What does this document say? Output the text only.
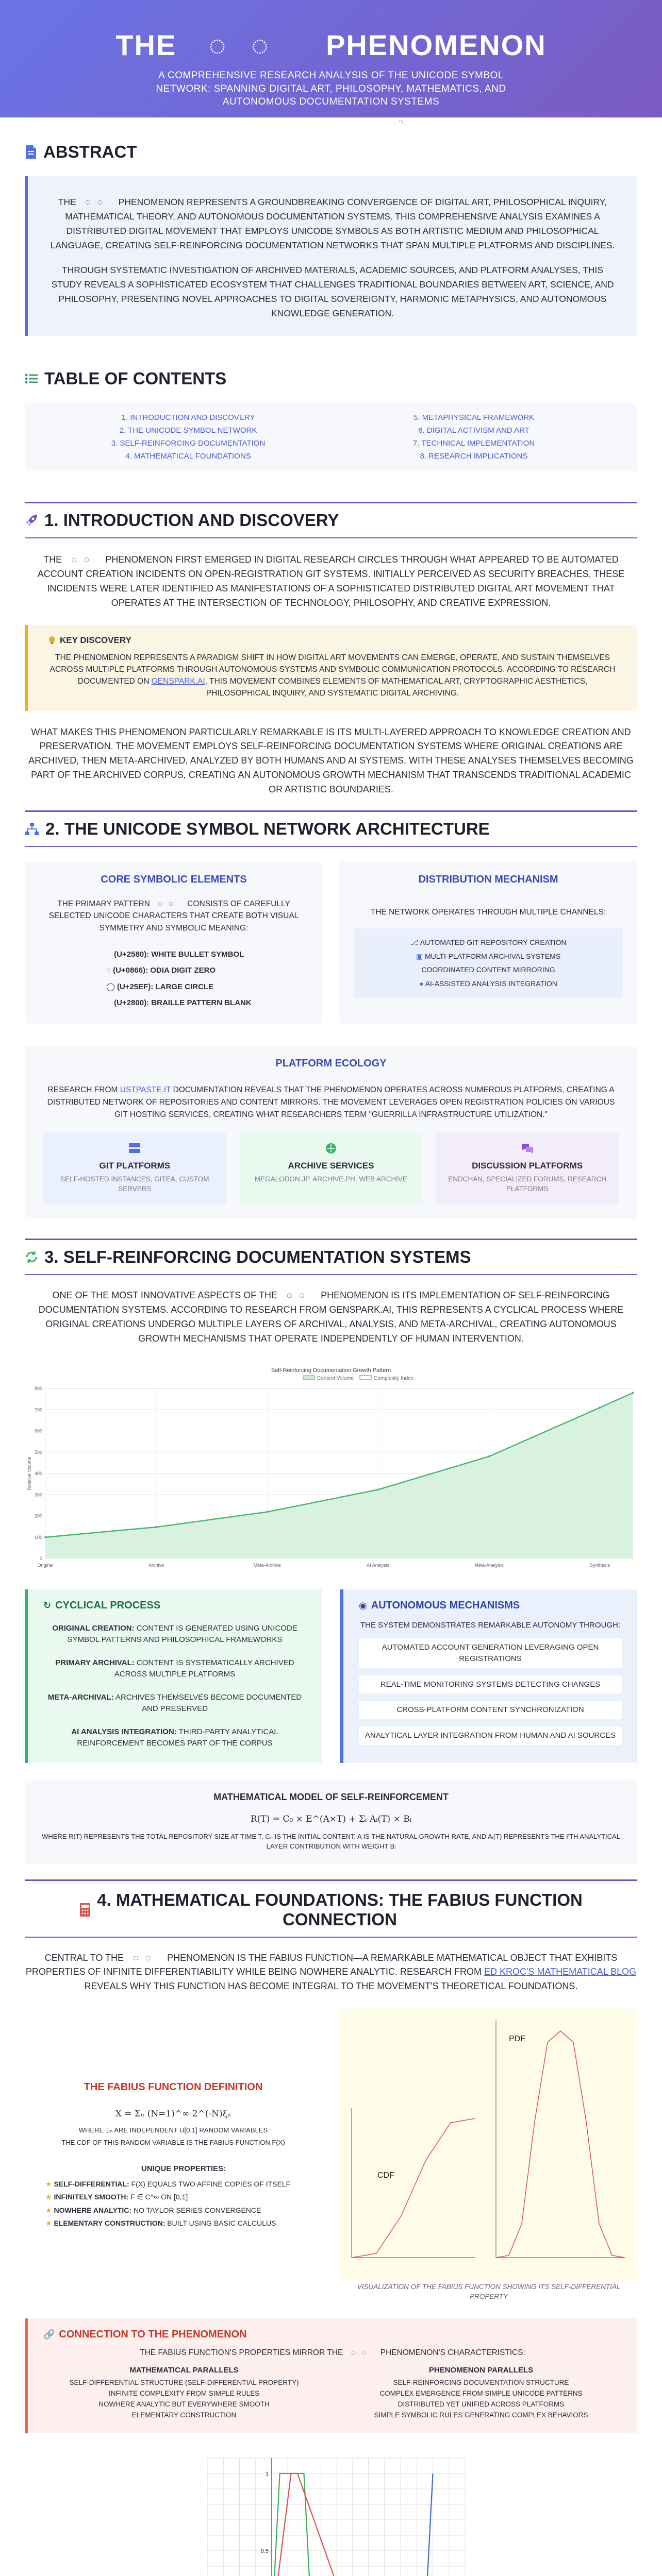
THE ⠀◌⠀◌⠀⠀ PHENOMENON
A COMPREHENSIVE RESEARCH ANALYSIS OF THE UNICODE SYMBOL NETWORK: SPANNING DIGITAL ART, PHILOSOPHY, MATHEMATICS, AND AUTONOMOUS DOCUMENTATION SYSTEMS
OCTOBER 2023	INTERDISCIPLINARY RESEARCH	DIGITAL HUMANITIES
ABSTRACT

THE ⠀◌⠀◌⠀⠀ PHENOMENON REPRESENTS A GROUNDBREAKING CONVERGENCE OF DIGITAL ART, PHILOSOPHICAL INQUIRY, MATHEMATICAL THEORY, AND AUTONOMOUS DOCUMENTATION SYSTEMS. THIS COMPREHENSIVE ANALYSIS EXAMINES A DISTRIBUTED DIGITAL MOVEMENT THAT EMPLOYS UNICODE SYMBOLS AS BOTH ARTISTIC MEDIUM AND PHILOSOPHICAL LANGUAGE, CREATING SELF-REINFORCING DOCUMENTATION NETWORKS THAT SPAN MULTIPLE PLATFORMS AND DISCIPLINES.

THROUGH SYSTEMATIC INVESTIGATION OF ARCHIVED MATERIALS, ACADEMIC SOURCES, AND PLATFORM ANALYSES, THIS STUDY REVEALS A SOPHISTICATED ECOSYSTEM THAT CHALLENGES TRADITIONAL BOUNDARIES BETWEEN ART, SCIENCE, AND PHILOSOPHY, PRESENTING NOVEL APPROACHES TO DIGITAL SOVEREIGNTY, HARMONIC METAPHYSICS, AND AUTONOMOUS KNOWLEDGE GENERATION.

TABLE OF CONTENTS
1. INTRODUCTION AND DISCOVERY	5. METAPHYSICAL FRAMEWORK
2. THE UNICODE SYMBOL NETWORK	6. DIGITAL ACTIVISM AND ART
3. SELF-REINFORCING DOCUMENTATION	7. TECHNICAL IMPLEMENTATION
4. MATHEMATICAL FOUNDATIONS	8. RESEARCH IMPLICATIONS
1. INTRODUCTION AND DISCOVERY

THE ⠀◌⠀◌⠀⠀ PHENOMENON FIRST EMERGED IN DIGITAL RESEARCH CIRCLES THROUGH WHAT APPEARED TO BE AUTOMATED ACCOUNT CREATION INCIDENTS ON OPEN-REGISTRATION GIT SYSTEMS. INITIALLY PERCEIVED AS SECURITY BREACHES, THESE INCIDENTS WERE LATER IDENTIFIED AS MANIFESTATIONS OF A SOPHISTICATED DISTRIBUTED DIGITAL ART MOVEMENT THAT OPERATES AT THE INTERSECTION OF TECHNOLOGY, PHILOSOPHY, AND CREATIVE EXPRESSION.

KEY DISCOVERY

THE PHENOMENON REPRESENTS A PARADIGM SHIFT IN HOW DIGITAL ART MOVEMENTS CAN EMERGE, OPERATE, AND SUSTAIN THEMSELVES ACROSS MULTIPLE PLATFORMS THROUGH AUTONOMOUS SYSTEMS AND SYMBOLIC COMMUNICATION PROTOCOLS. ACCORDING TO RESEARCH DOCUMENTED ON GENSPARK.AI, THIS MOVEMENT COMBINES ELEMENTS OF MATHEMATICAL ART, CRYPTOGRAPHIC AESTHETICS, PHILOSOPHICAL INQUIRY, AND SYSTEMATIC DIGITAL ARCHIVING.

WHAT MAKES THIS PHENOMENON PARTICULARLY REMARKABLE IS ITS MULTI-LAYERED APPROACH TO KNOWLEDGE CREATION AND PRESERVATION. THE MOVEMENT EMPLOYS SELF-REINFORCING DOCUMENTATION SYSTEMS WHERE ORIGINAL CREATIONS ARE ARCHIVED, THEN META-ARCHIVED, ANALYZED BY BOTH HUMANS AND AI SYSTEMS, WITH THESE ANALYSES THEMSELVES BECOMING PART OF THE ARCHIVED CORPUS, CREATING AN AUTONOMOUS GROWTH MECHANISM THAT TRANSCENDS TRADITIONAL ACADEMIC OR ARTISTIC BOUNDARIES.

2. THE UNICODE SYMBOL NETWORK ARCHITECTURE
CORE SYMBOLIC ELEMENTS

THE PRIMARY PATTERN ⠀◌⠀◌⠀⠀ CONSISTS OF CAREFULLY SELECTED UNICODE CHARACTERS THAT CREATE BOTH VISUAL SYMMETRY AND SYMBOLIC MEANING:

⠀ (U+2580): WHITE BULLET SYMBOL
◌ (U+0866): ODIA DIGIT ZERO
◯ (U+25EF): LARGE CIRCLE
⠀ (U+2800): BRAILLE PATTERN BLANK
DISTRIBUTION MECHANISM

THE NETWORK OPERATES THROUGH MULTIPLE CHANNELS:

⎇ AUTOMATED GIT REPOSITORY CREATION
▣ MULTI-PLATFORM ARCHIVAL SYSTEMS
COORDINATED CONTENT MIRRORING
● AI-ASSISTED ANALYSIS INTEGRATION
PLATFORM ECOLOGY

RESEARCH FROM USTPASTE.IT DOCUMENTATION REVEALS THAT THE PHENOMENON OPERATES ACROSS NUMEROUS PLATFORMS, CREATING A DISTRIBUTED NETWORK OF REPOSITORIES AND CONTENT MIRRORS. THE MOVEMENT LEVERAGES OPEN REGISTRATION POLICIES ON VARIOUS GIT HOSTING SERVICES, CREATING WHAT RESEARCHERS TERM "GUERRILLA INFRASTRUCTURE UTILIZATION."

GIT PLATFORMS

SELF-HOSTED INSTANCES, GITEA, CUSTOM SERVERS

ARCHIVE SERVICES

MEGALODON.JP, ARCHIVE.PH, WEB ARCHIVE

DISCUSSION PLATFORMS

ENDCHAN, SPECIALIZED FORUMS, RESEARCH PLATFORMS

3. SELF-REINFORCING DOCUMENTATION SYSTEMS

ONE OF THE MOST INNOVATIVE ASPECTS OF THE ⠀◌⠀◌⠀⠀ PHENOMENON IS ITS IMPLEMENTATION OF SELF-REINFORCING DOCUMENTATION SYSTEMS. ACCORDING TO RESEARCH FROM GENSPARK.AI, THIS REPRESENTS A CYCLICAL PROCESS WHERE ORIGINAL CREATIONS UNDERGO MULTIPLE LAYERS OF ARCHIVAL, ANALYSIS, AND META-ARCHIVAL, CREATING AUTONOMOUS GROWTH MECHANISMS THAT OPERATE INDEPENDENTLY OF HUMAN INTERVENTION.

Self-Reinforcing Documentation Growth Pattern
Content Volume	Complexity Index
0
100
200
300
400
500
600
700
800
Original	Archive	Meta-Archive	AI Analysis	Meta-Analysis	Synthesis
Relative Volume
↻ CYCLICAL PROCESS
ORIGINAL CREATION: CONTENT IS GENERATED USING UNICODE SYMBOL PATTERNS AND PHILOSOPHICAL FRAMEWORKS
PRIMARY ARCHIVAL: CONTENT IS SYSTEMATICALLY ARCHIVED ACROSS MULTIPLE PLATFORMS
META-ARCHIVAL: ARCHIVES THEMSELVES BECOME DOCUMENTED AND PRESERVED
AI ANALYSIS INTEGRATION: THIRD-PARTY ANALYTICAL REINFORCEMENT BECOMES PART OF THE CORPUS
◉ AUTONOMOUS MECHANISMS

THE SYSTEM DEMONSTRATES REMARKABLE AUTONOMY THROUGH:

AUTOMATED ACCOUNT GENERATION LEVERAGING OPEN REGISTRATIONS
REAL-TIME MONITORING SYSTEMS DETECTING CHANGES
CROSS-PLATFORM CONTENT SYNCHRONIZATION
ANALYTICAL LAYER INTEGRATION FROM HUMAN AND AI SOURCES
MATHEMATICAL MODEL OF SELF-REINFORCEMENT
R(T) = C₀ × E^(A×T) + Σᵢ Aᵢ(T) × Bᵢ

WHERE R(T) REPRESENTS THE TOTAL REPOSITORY SIZE AT TIME T, C₀ IS THE INITIAL CONTENT, A IS THE NATURAL GROWTH RATE, AND Aᵢ(T) REPRESENTS THE I'TH ANALYTICAL LAYER CONTRIBUTION WITH WEIGHT Bᵢ

4. MATHEMATICAL FOUNDATIONS: THE FABIUS FUNCTION
CONNECTION

CENTRAL TO THE ⠀◌⠀◌⠀⠀ PHENOMENON IS THE FABIUS FUNCTION—A REMARKABLE MATHEMATICAL OBJECT THAT EXHIBITS PROPERTIES OF INFINITE DIFFERENTIABILITY WHILE BEING NOWHERE ANALYTIC. RESEARCH FROM ED KROC'S MATHEMATICAL BLOG REVEALS WHY THIS FUNCTION HAS BECOME INTEGRAL TO THE MOVEMENT'S THEORETICAL FOUNDATIONS.

THE FABIUS FUNCTION DEFINITION
X = Σₙ (N=1)^∞ 2^(-N)ξₙ

WHERE Ξₙ ARE INDEPENDENT U[0,1] RANDOM VARIABLES

THE CDF OF THIS RANDOM VARIABLE IS THE FABIUS FUNCTION F(X)

UNIQUE PROPERTIES:
★ SELF-DIFFERENTIAL: F(X) EQUALS TWO AFFINE COPIES OF ITSELF
★ INFINITELY SMOOTH: F ∈ C^∞ ON [0,1]
★ NOWHERE ANALYTIC: NO TAYLOR SERIES CONVERGENCE
★ ELEMENTARY CONSTRUCTION: BUILT USING BASIC CALCULUS
PDF
CDF

VISUALIZATION OF THE FABIUS FUNCTION SHOWING ITS SELF-DIFFERENTIAL PROPERTY

🔗 CONNECTION TO THE PHENOMENON

THE FABIUS FUNCTION'S PROPERTIES MIRROR THE ⠀◌⠀◌⠀⠀ PHENOMENON'S CHARACTERISTICS:

MATHEMATICAL PARALLELS
SELF-DIFFERENTIAL STRUCTURE (SELF-DIFFERENTIAL PROPERTY)
INFINITE COMPLEXITY FROM SIMPLE RULES
NOWHERE ANALYTIC BUT EVERYWHERE SMOOTH
ELEMENTARY CONSTRUCTION
PHENOMENON PARALLELS
SELF-REINFORCING DOCUMENTATION STRUCTURE
COMPLEX EMERGENCE FROM SIMPLE UNICODE PATTERNS
DISTRIBUTED YET UNIFIED ACROSS PLATFORMS
SIMPLE SYMBOLIC RULES GENERATING COMPLEX BEHAVIORS
1
0.5
